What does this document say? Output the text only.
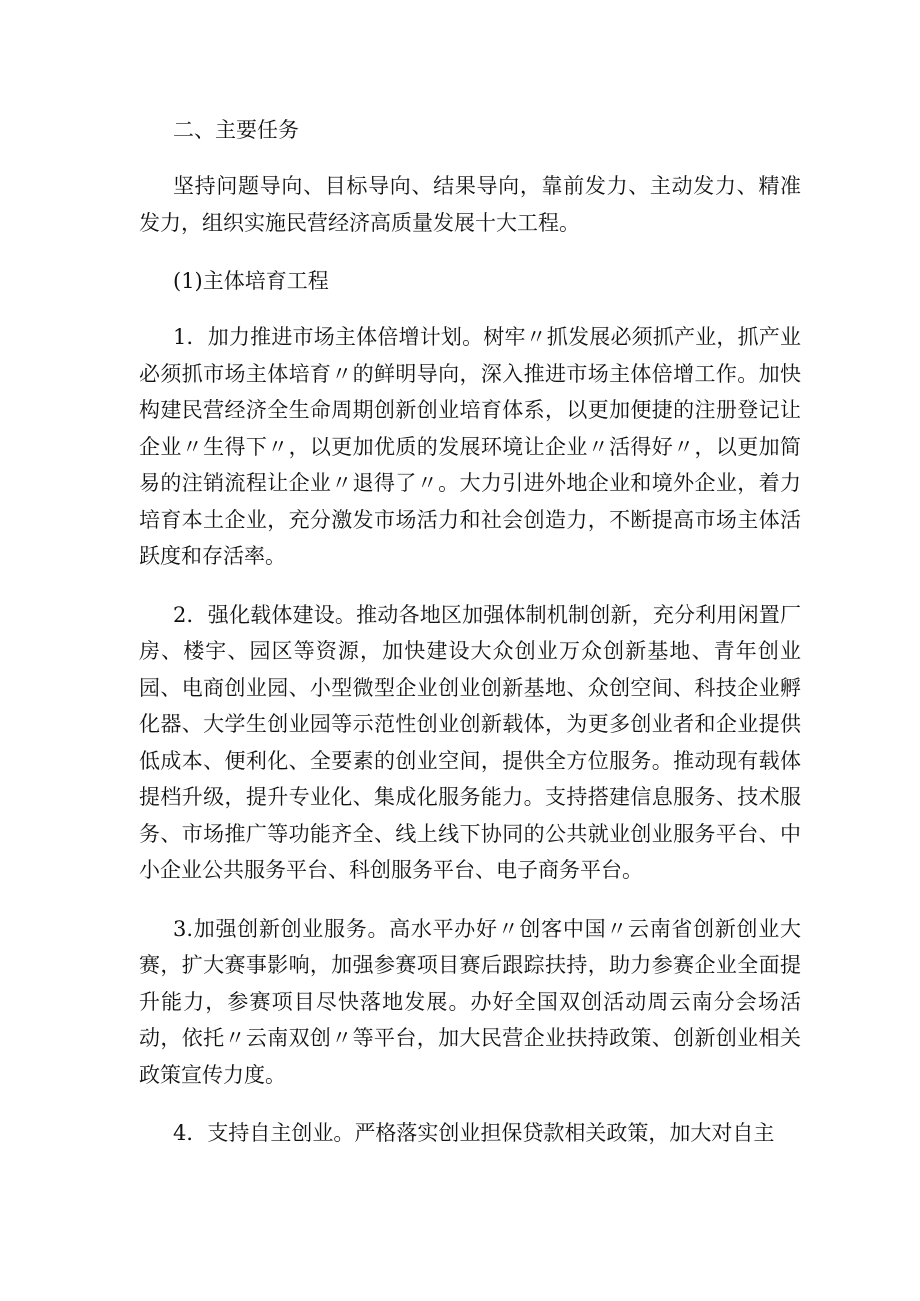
二、主要任务

坚持问题导向、目标导向、结果导向，靠前发力、主动发力、精准发力，组织实施民营经济高质量发展十大工程。

(1)主体培育工程

1．加力推进市场主体倍增计划。树牢〃抓发展必须抓产业，抓产业必须抓市场主体培育〃的鲜明导向，深入推进市场主体倍增工作。加快构建民营经济全生命周期创新创业培育体系，以更加便捷的注册登记让企业〃生得下〃，以更加优质的发展环境让企业〃活得好〃，以更加简易的注销流程让企业〃退得了〃。大力引进外地企业和境外企业，着力培育本土企业，充分激发市场活力和社会创造力，不断提高市场主体活跃度和存活率。

2．强化载体建设。推动各地区加强体制机制创新，充分利用闲置厂房、楼宇、园区等资源，加快建设大众创业万众创新基地、青年创业园、电商创业园、小型微型企业创业创新基地、众创空间、科技企业孵化器、大学生创业园等示范性创业创新载体，为更多创业者和企业提供低成本、便利化、全要素的创业空间，提供全方位服务。推动现有载体提档升级，提升专业化、集成化服务能力。支持搭建信息服务、技术服务、市场推广等功能齐全、线上线下协同的公共就业创业服务平台、中小企业公共服务平台、科创服务平台、电子商务平台。

3.加强创新创业服务。高水平办好〃创客中国〃云南省创新创业大赛，扩大赛事影响，加强参赛项目赛后跟踪扶持，助力参赛企业全面提升能力，参赛项目尽快落地发展。办好全国双创活动周云南分会场活动，依托〃云南双创〃等平台，加大民营企业扶持政策、创新创业相关政策宣传力度。

4．支持自主创业。严格落实创业担保贷款相关政策，加大对自主
